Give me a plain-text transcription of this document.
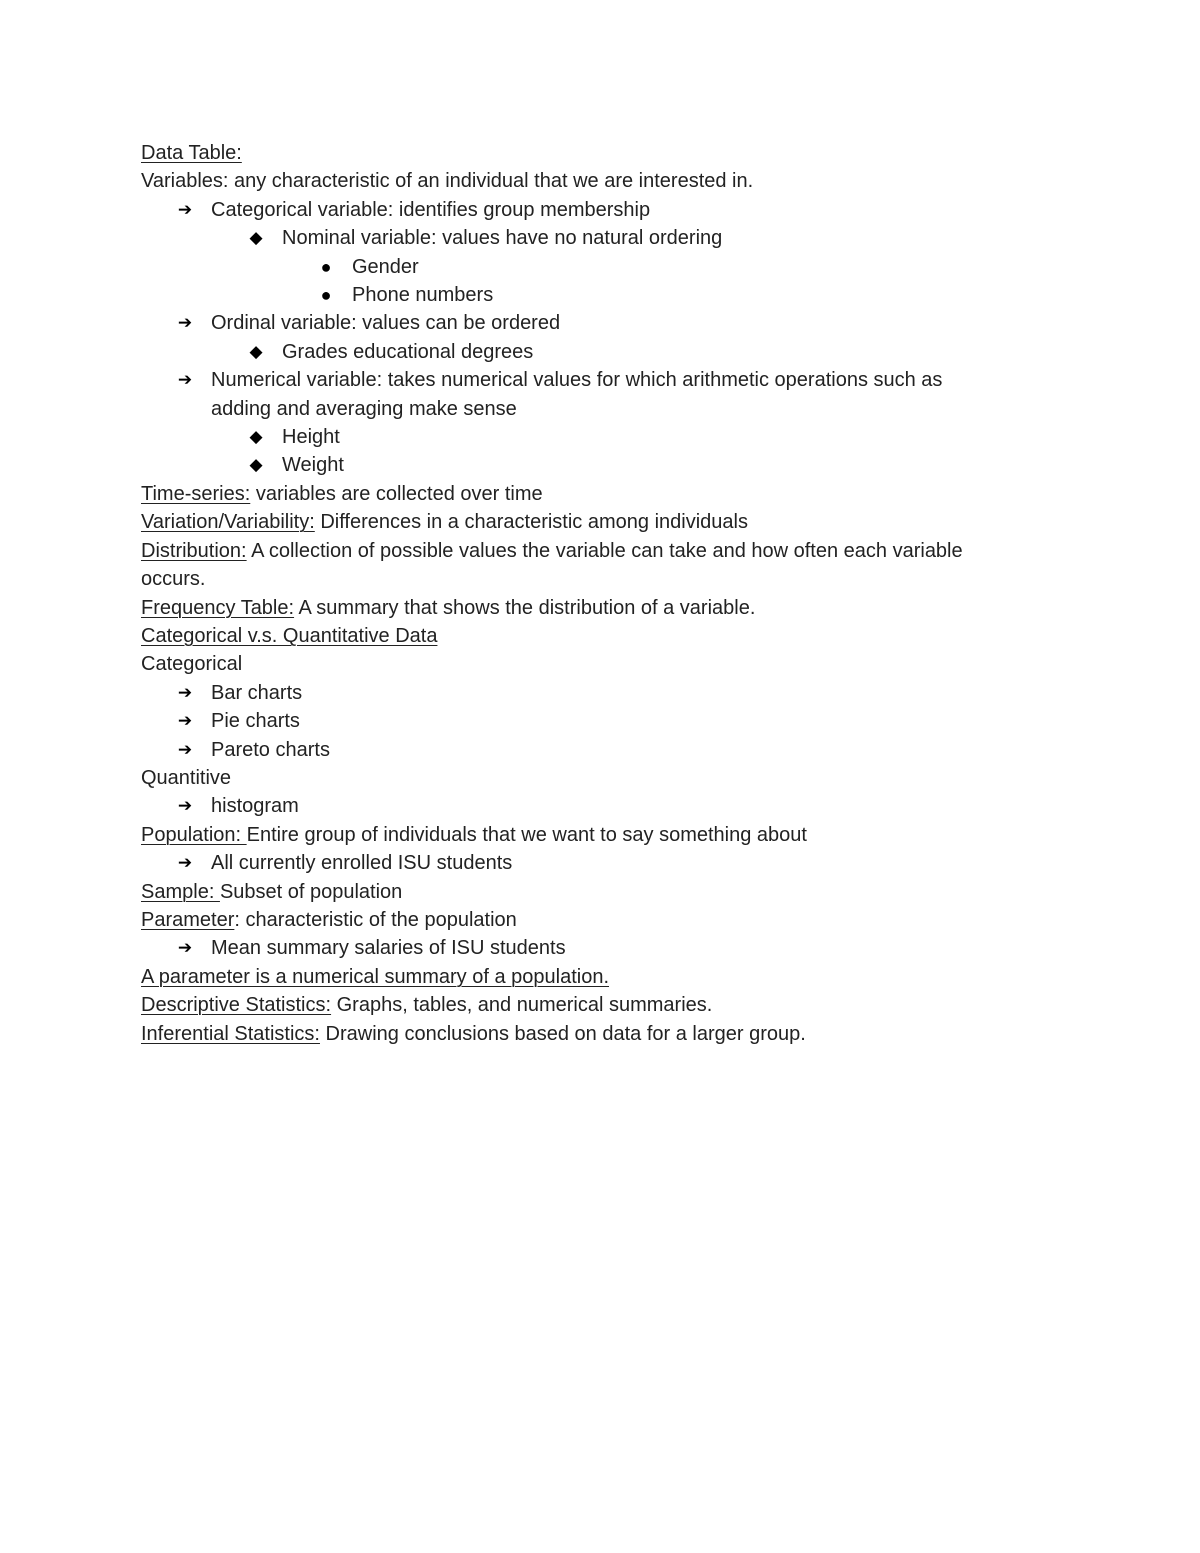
Data Table:
Variables: any characteristic of an individual that we are interested in.
➔ Categorical variable: identifies group membership
◆ Nominal variable: values have no natural ordering
● Gender
● Phone numbers
➔ Ordinal variable: values can be ordered
◆ Grades educational degrees
➔ Numerical variable: takes numerical values for which arithmetic operations such as
adding and averaging make sense
◆ Height
◆ Weight
Time-series: variables are collected over time
Variation/Variability: Differences in a characteristic among individuals
Distribution: A collection of possible values the variable can take and how often each variable
occurs.
Frequency Table: A summary that shows the distribution of a variable.
Categorical v.s. Quantitative Data
Categorical
➔ Bar charts
➔ Pie charts
➔ Pareto charts
Quantitive
➔ histogram
Population: Entire group of individuals that we want to say something about
➔ All currently enrolled ISU students
Sample: Subset of population
Parameter: characteristic of the population
➔ Mean summary salaries of ISU students
A parameter is a numerical summary of a population.
Descriptive Statistics: Graphs, tables, and numerical summaries.
Inferential Statistics: Drawing conclusions based on data for a larger group.
